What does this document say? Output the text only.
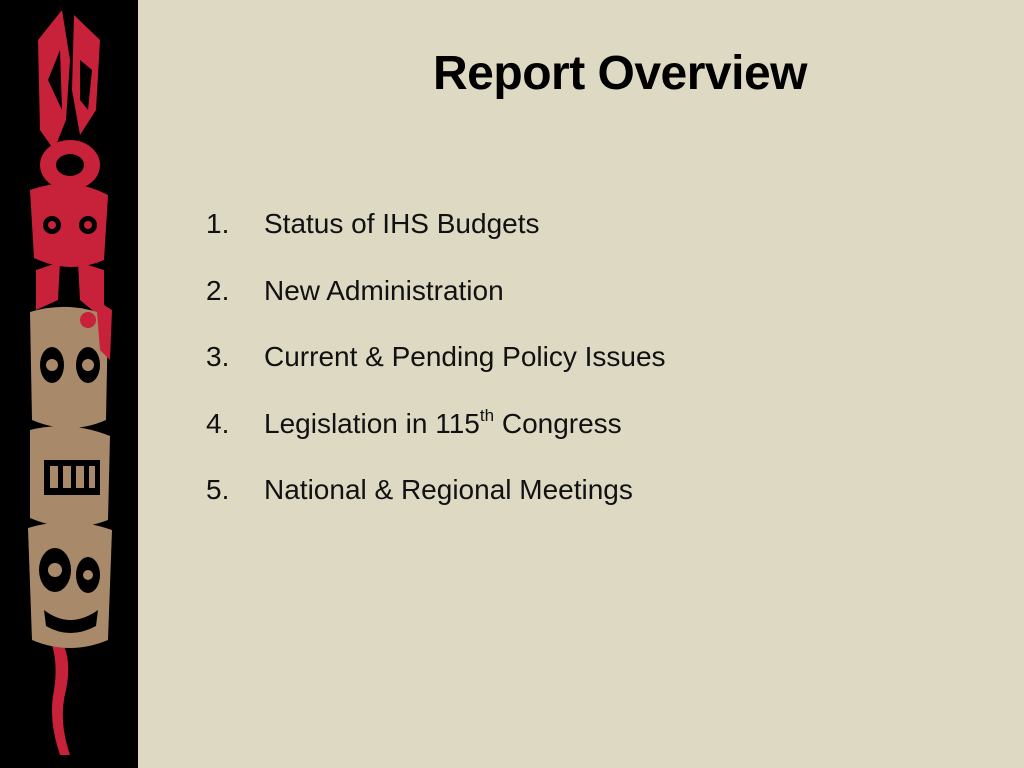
Report Overview
1.	Status of IHS Budgets
2.	New Administration
3.	Current & Pending Policy Issues
4.	Legislation in 115th Congress
5.	National & Regional Meetings
